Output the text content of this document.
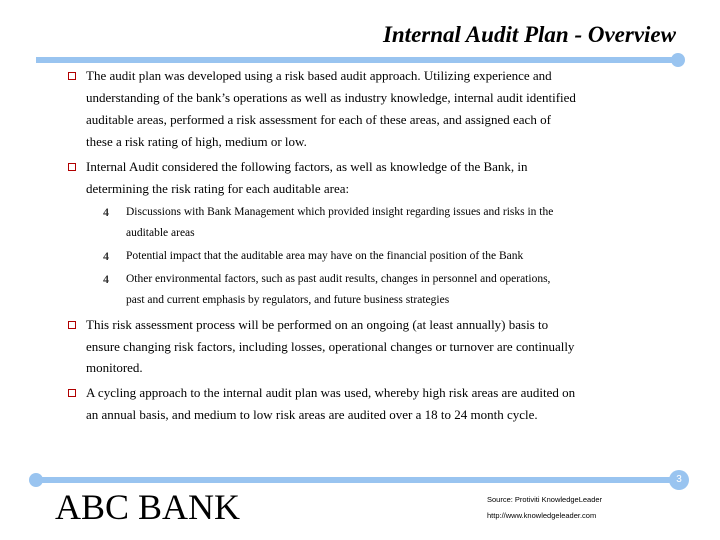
Internal Audit Plan - Overview
The audit plan was developed using a risk based audit approach. Utilizing experience and
understanding of the bank’s operations as well as industry knowledge, internal audit identified
auditable areas, performed a risk assessment for each of these areas, and assigned each of
these a risk rating of high, medium or low.
Internal Audit considered the following factors, as well as knowledge of the Bank, in
determining the risk rating for each auditable area:
4 Discussions with Bank Management which provided insight regarding issues and risks in the
auditable areas
4 Potential impact that the auditable area may have on the financial position of the Bank
4 Other environmental factors, such as past audit results, changes in personnel and operations,
past and current emphasis by regulators, and future business strategies
This risk assessment process will be performed on an ongoing (at least annually) basis to
ensure changing risk factors, including losses, operational changes or turnover are continually
monitored.
A cycling approach to the internal audit plan was used, whereby high risk areas are audited on
an annual basis, and medium to low risk areas are audited over a 18 to 24 month cycle.
3
ABC BANK	Source: Protiviti KnowledgeLeader
http://www.knowledgeleader.com
